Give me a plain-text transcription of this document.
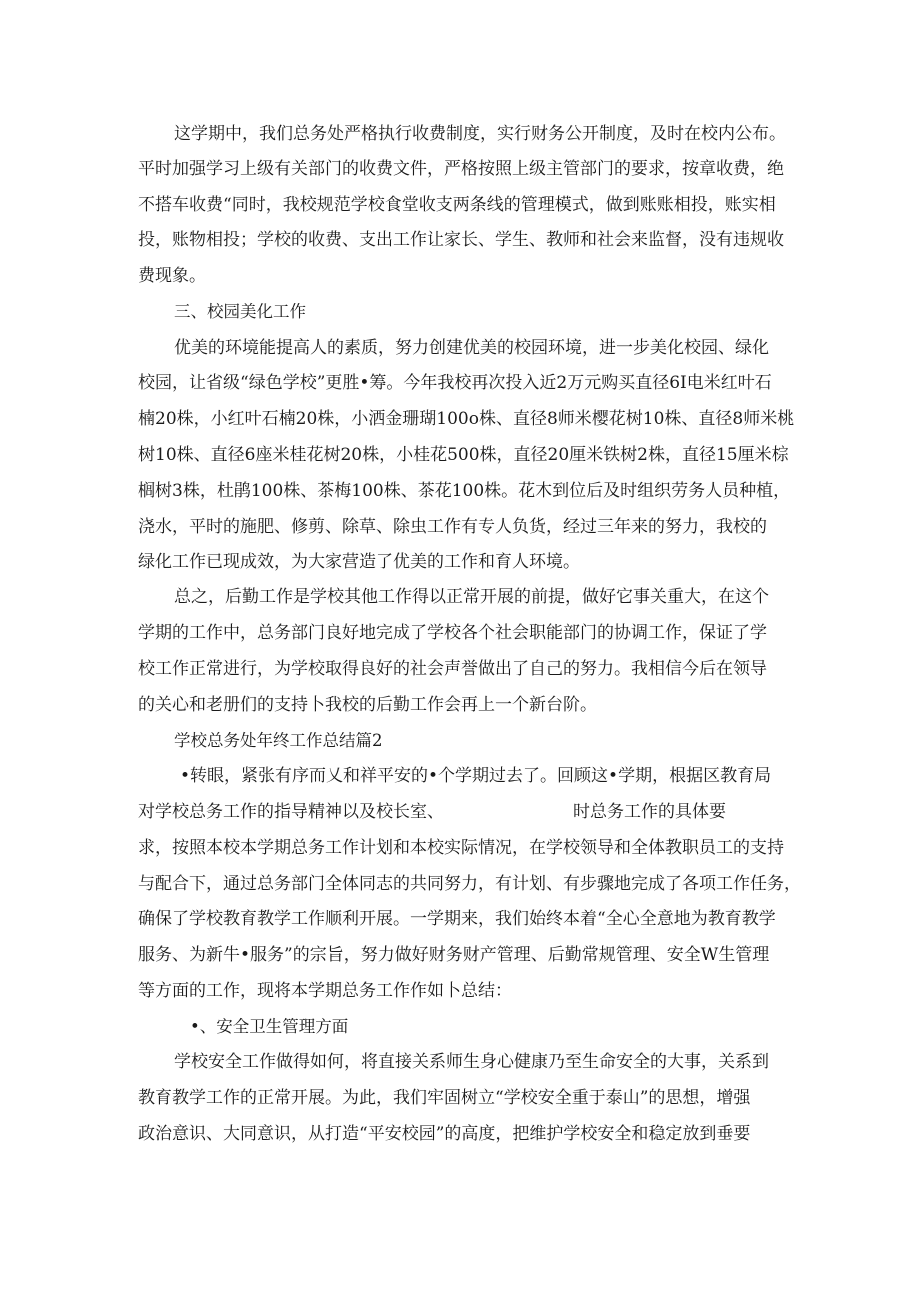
这学期中，我们总务处严格执行收费制度，实行财务公开制度，及时在校内公布。
平时加强学习上级有关部门的收费文件，严格按照上级主管部门的要求，按章收费，绝
不搭车收费“同时，我校规范学校食堂收支两条线的管理模式，做到账账相投，账实相
投，账物相投；学校的收费、支出工作让家长、学生、教师和社会来监督，没有违规收
费现象。
三、校园美化工作
优美的环境能提高人的素质，努力创建优美的校园环境，进一步美化校园、绿化
校园，让省级“绿色学校”更胜•筹。今年我校再次投入近2万元购买直径6I电米红叶石
楠20株，小红叶石楠20株，小洒金珊瑚100o株、直径8师米樱花树10株、直径8师米桃
树10株、直径6座米桂花树20株，小桂花500株，直径20厘米铁树2株，直径15厘米棕
榈树3株，杜鹃100株、茶梅100株、茶花100株。花木到位后及时组织劳务人员种植，
浇水，平时的施肥、修剪、除草、除虫工作有专人负货，经过三年来的努力，我校的
绿化工作已现成效，为大家营造了优美的工作和育人环境。
总之，后勤工作是学校其他工作得以正常开展的前提，做好它事关重大，在这个
学期的工作中，总务部门良好地完成了学校各个社会职能部门的协调工作，保证了学
校工作正常进行，为学校取得良好的社会声誉做出了自己的努力。我相信今后在领导
的关心和老册们的支持卜我校的后勤工作会再上一个新台阶。
学校总务处年终工作总结篇2
•转眼，紧张有序而乂和祥平安的•个学期过去了。回顾这•学期，根据区教育局
对学校总务工作的指导精神以及校长室、	时总务工作的具体要
求，按照本校本学期总务工作计划和本校实际情况，在学校领导和全体教职员工的支持
与配合下，通过总务部门全体同志的共同努力，有计划、有步骤地完成了各项工作任务，
确保了学校教育教学工作顺利开展。一学期来，我们始终本着“全心全意地为教育教学
服务、为新牛•服务”的宗旨，努力做好财务财产管理、后勤常规管理、安全W生管理
等方面的工作，现将本学期总务工作作如卜总结：
•、安全卫生管理方面
学校安全工作做得如何，将直接关系师生身心健康乃至生命安全的大事，关系到
教育教学工作的正常开展。为此，我们牢固树立“学校安全重于泰山”的思想，增强
政治意识、大同意识，从打造“平安校园”的高度，把维护学校安全和稳定放到垂要
